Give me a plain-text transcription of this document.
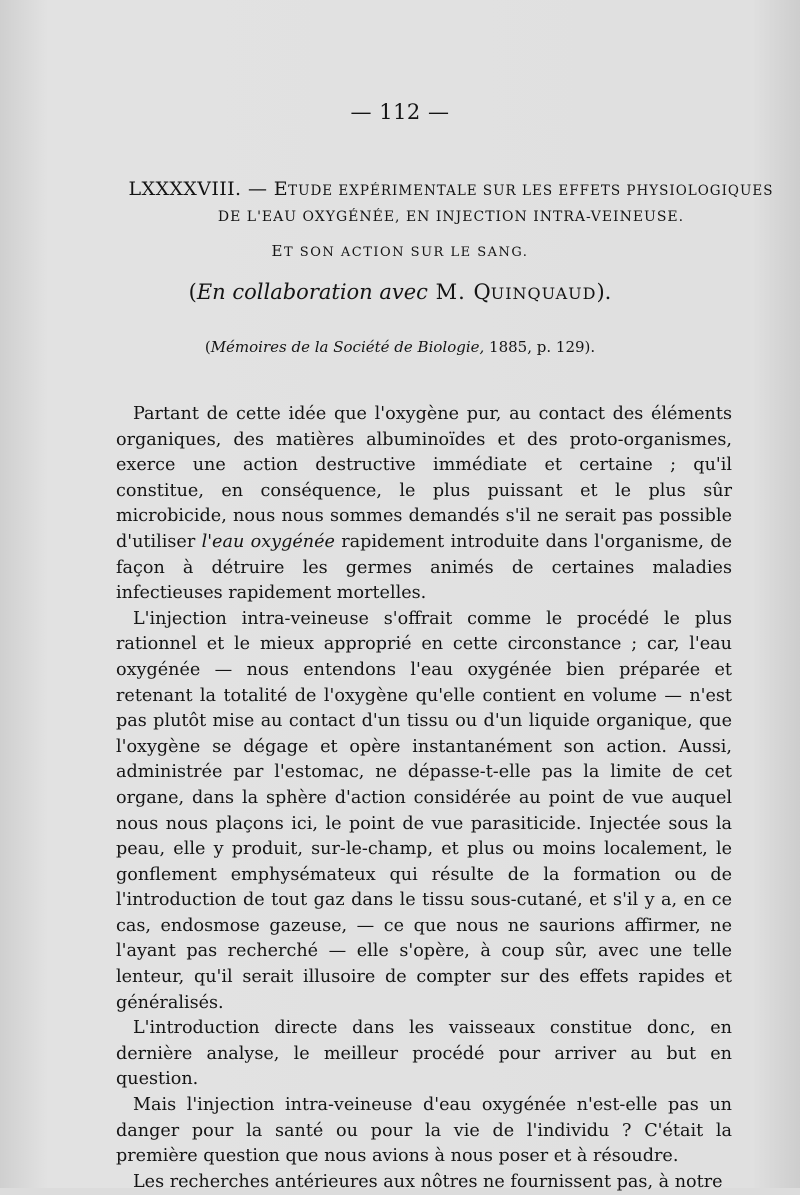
— 112 —
LXXXXVIII. — ETUDE EXPÉRIMENTALE SUR LES EFFETS PHYSIOLOGIQUES
DE L'EAU OXYGÉNÉE, EN INJECTION INTRA-VEINEUSE.
ET SON ACTION SUR LE SANG.
(En collaboration avec M. QUINQUAUD).
(Mémoires de la Société de Biologie, 1885, p. 129).

Partant de cette idée que l'oxygène pur, au contact des éléments organiques, des matières albuminoïdes et des proto-organismes, exerce une action destructive immédiate et certaine ; qu'il constitue, en conséquence, le plus puissant et le plus sûr microbicide, nous nous sommes demandés s'il ne serait pas possible d'utiliser l'eau oxygénée rapidement introduite dans l'organisme, de façon à détruire les germes animés de certaines maladies infectieuses rapidement mortelles.

L'injection intra-veineuse s'offrait comme le procédé le plus rationnel et le mieux approprié en cette circonstance ; car, l'eau oxygénée — nous entendons l'eau oxygénée bien préparée et retenant la totalité de l'oxygène qu'elle contient en volume — n'est pas plutôt mise au contact d'un tissu ou d'un liquide organique, que l'oxygène se dégage et opère instantanément son action. Aussi, administrée par l'estomac, ne dépasse-t-elle pas la limite de cet organe, dans la sphère d'action considérée au point de vue auquel nous nous plaçons ici, le point de vue parasiticide. Injectée sous la peau, elle y produit, sur-le-champ, et plus ou moins localement, le gonflement emphysémateux qui résulte de la formation ou de l'introduction de tout gaz dans le tissu sous-cutané, et s'il y a, en ce cas, endosmose gazeuse, — ce que nous ne saurions affirmer, ne l'ayant pas recherché — elle s'opère, à coup sûr, avec une telle lenteur, qu'il serait illusoire de compter sur des effets rapides et généralisés.

L'introduction directe dans les vaisseaux constitue donc, en dernière analyse, le meilleur procédé pour arriver au but en question.

Mais l'injection intra-veineuse d'eau oxygénée n'est-elle pas un danger pour la santé ou pour la vie de l'individu ? C'était la première question que nous avions à nous poser et à résoudre.

Les recherches antérieures aux nôtres ne fournissent pas, à notre
